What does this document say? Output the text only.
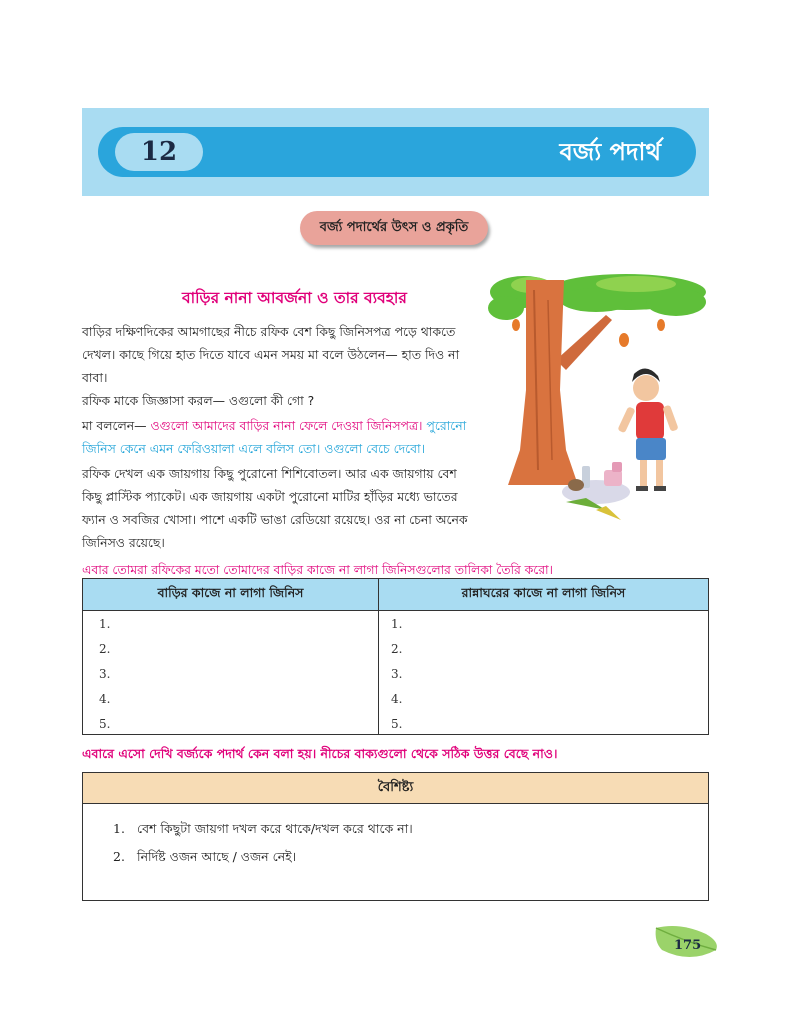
12	বর্জ্য পদার্থ
বর্জ্য পদার্থের উৎস ও প্রকৃতি
বাড়ির নানা আবর্জনা ও তার ব্যবহার
বাড়ির দক্ষিণদিকের আমগাছের নীচে রফিক বেশ কিছু জিনিসপত্র পড়ে থাকতে
দেখল। কাছে গিয়ে হাত দিতে যাবে এমন সময় মা বলে উঠলেন— হাত দিও না
বাবা।
রফিক মাকে জিজ্ঞাসা করল— ওগুলো কী গো ?
মা বললেন— ওগুলো আমাদের বাড়ির নানা ফেলে দেওয়া জিনিসপত্র। পুরোনো
জিনিস কেনে এমন ফেরিওয়ালা এলে বলিস তো। ওগুলো বেচে দেবো।
রফিক দেখল এক জায়গায় কিছু পুরোনো শিশিবোতল। আর এক জায়গায় বেশ
কিছু প্লাস্টিক প্যাকেট। এক জায়গায় একটা পুরোনো মাটির হাঁড়ির মধ্যে ভাতের
ফ্যান ও সবজির খোসা। পাশে একটি ভাঙা রেডিয়ো রয়েছে। ওর না চেনা অনেক
জিনিসও রয়েছে।
এবার তোমরা রফিকের মতো তোমাদের বাড়ির কাজে না লাগা জিনিসগুলোর তালিকা তৈরি করো।
বাড়ির কাজে না লাগা জিনিস	রান্নাঘরের কাজে না লাগা জিনিস
1.
2.
3.
4.
5.
1.
2.
3.
4.
5.
এবারে এসো দেখি বর্জ্যকে পদার্থ কেন বলা হয়। নীচের বাক্যগুলো থেকে সঠিক উত্তর বেছে নাও।
বৈশিষ্ট্য
1. বেশ কিছুটা জায়গা দখল করে থাকে/দখল করে থাকে না।
2. নির্দিষ্ট ওজন আছে / ওজন নেই।
175
